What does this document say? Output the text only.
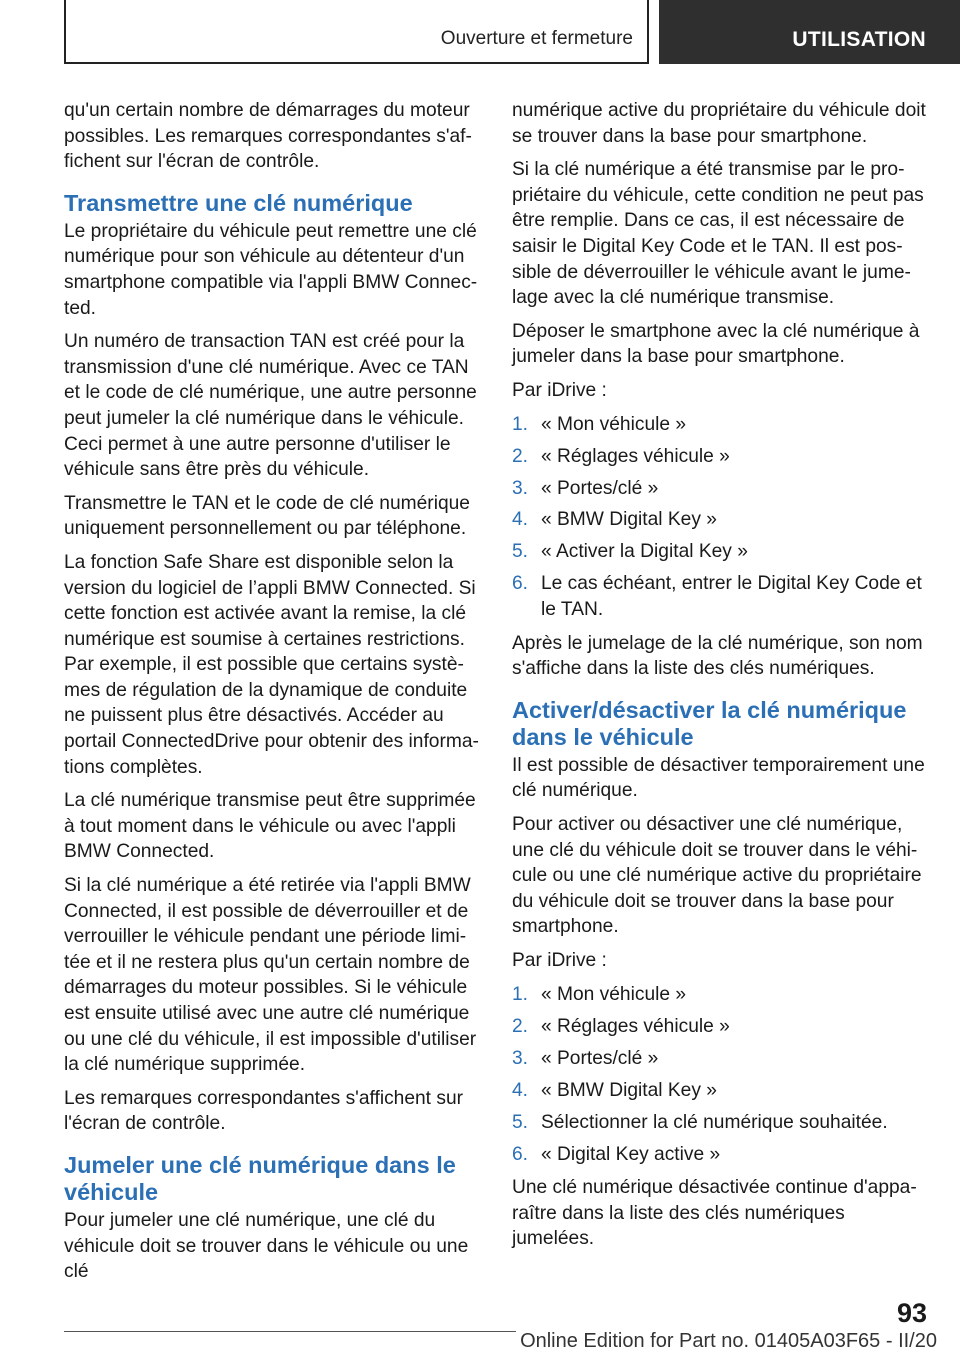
Ouverture et fermeture	UTILISATION

qu'un certain nombre de démarrages du moteur possibles. Les remarques correspondantes s'affichent sur l'écran de contrôle.

Transmettre une clé numérique

Le propriétaire du véhicule peut remettre une clé numérique pour son véhicule au détenteur d'un smartphone compatible via l'appli BMW Connected.

Un numéro de transaction TAN est créé pour la transmission d'une clé numérique. Avec ce TAN et le code de clé numérique, une autre personne peut jumeler la clé numérique dans le véhicule. Ceci permet à une autre personne d'utiliser le véhicule sans être près du véhicule.

Transmettre le TAN et le code de clé numérique uniquement personnellement ou par téléphone.

La fonction Safe Share est disponible selon la version du logiciel de l’appli BMW Connected. Si cette fonction est activée avant la remise, la clé numérique est soumise à certaines restrictions. Par exemple, il est possible que certains systèmes de régulation de la dynamique de conduite ne puissent plus être désactivés. Accéder au portail ConnectedDrive pour obtenir des informations complètes.

La clé numérique transmise peut être supprimée à tout moment dans le véhicule ou avec l'appli BMW Connected.

Si la clé numérique a été retirée via l'appli BMW Connected, il est possible de déverrouiller et de verrouiller le véhicule pendant une période limitée et il ne restera plus qu'un certain nombre de démarrages du moteur possibles. Si le véhicule est ensuite utilisé avec une autre clé numérique ou une clé du véhicule, il est impossible d'utiliser la clé numérique supprimée.

Les remarques correspondantes s'affichent sur l'écran de contrôle.

Jumeler une clé numérique dans le véhicule

Pour jumeler une clé numérique, une clé du véhicule doit se trouver dans le véhicule ou une clé

numérique active du propriétaire du véhicule doit se trouver dans la base pour smartphone.

Si la clé numérique a été transmise par le propriétaire du véhicule, cette condition ne peut pas être remplie. Dans ce cas, il est nécessaire de saisir le Digital Key Code et le TAN. Il est possible de déverrouiller le véhicule avant le jumelage avec la clé numérique transmise.

Déposer le smartphone avec la clé numérique à jumeler dans la base pour smartphone.

Par iDrive :

1. « Mon véhicule »
2. « Réglages véhicule »
3. « Portes/clé »
4. « BMW Digital Key »
5. « Activer la Digital Key »
6. Le cas échéant, entrer le Digital Key Code et le TAN.

Après le jumelage de la clé numérique, son nom s'affiche dans la liste des clés numériques.

Activer/désactiver la clé numérique dans le véhicule

Il est possible de désactiver temporairement une clé numérique.

Pour activer ou désactiver une clé numérique, une clé du véhicule doit se trouver dans le véhicule ou une clé numérique active du propriétaire du véhicule doit se trouver dans la base pour smartphone.

Par iDrive :

1. « Mon véhicule »
2. « Réglages véhicule »
3. « Portes/clé »
4. « BMW Digital Key »
5. Sélectionner la clé numérique souhaitée.
6. « Digital Key active »

Une clé numérique désactivée continue d'apparaître dans la liste des clés numériques jumelées.

93
Online Edition for Part no. 01405A03F65 - II/20
